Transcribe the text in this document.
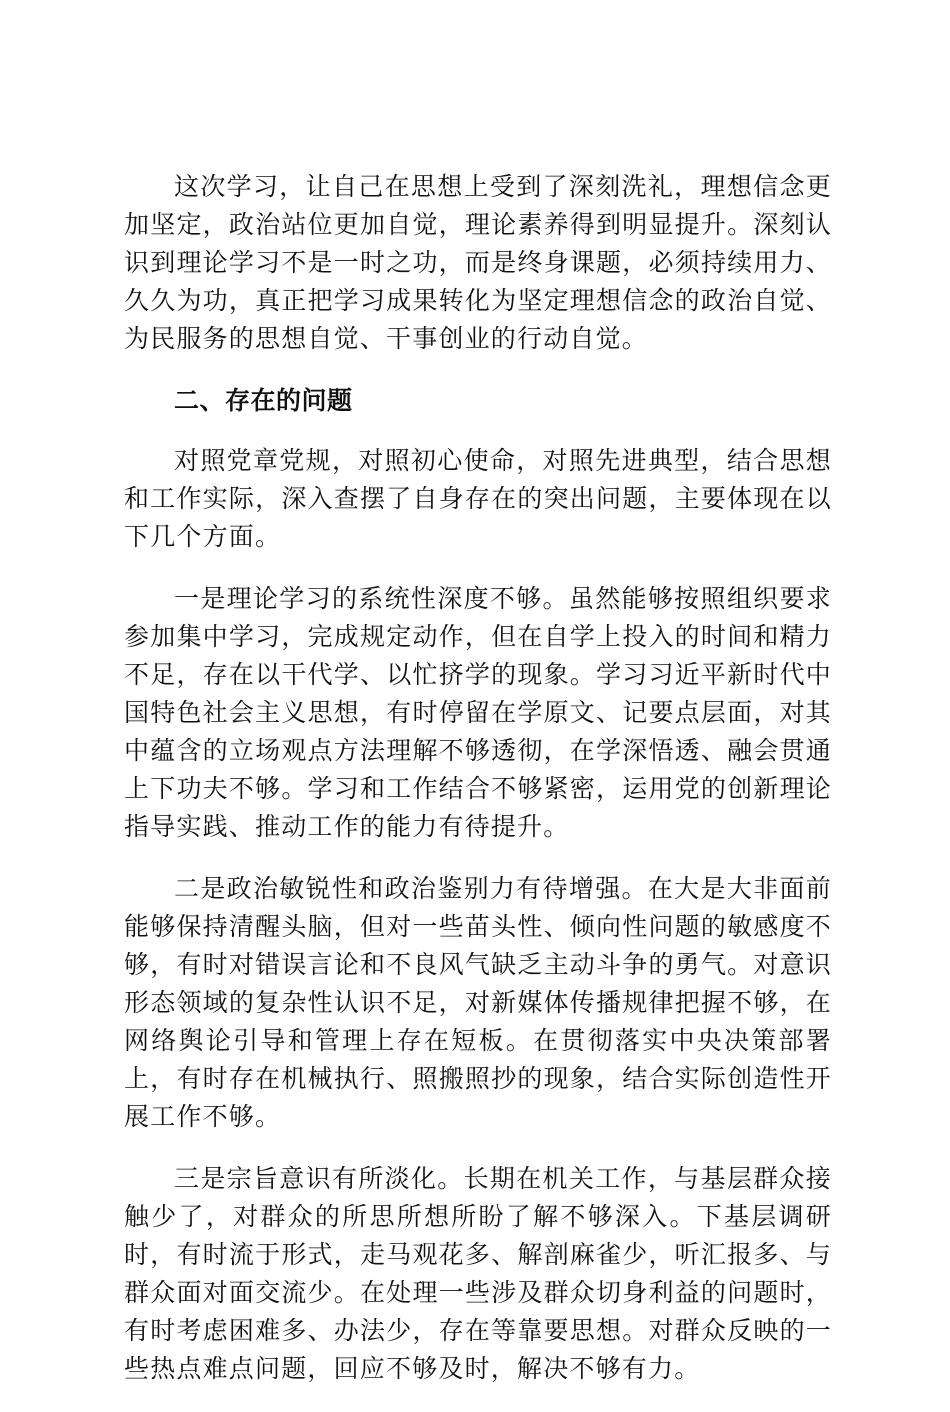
这次学习，让自己在思想上受到了深刻洗礼，理想信念更加坚定，政治站位更加自觉，理论素养得到明显提升。深刻认识到理论学习不是一时之功，而是终身课题，必须持续用力、久久为功，真正把学习成果转化为坚定理想信念的政治自觉、为民服务的思想自觉、干事创业的行动自觉。

二、存在的问题

对照党章党规，对照初心使命，对照先进典型，结合思想和工作实际，深入查摆了自身存在的突出问题，主要体现在以下几个方面。

一是理论学习的系统性深度不够。虽然能够按照组织要求参加集中学习，完成规定动作，但在自学上投入的时间和精力不足，存在以干代学、以忙挤学的现象。学习习近平新时代中国特色社会主义思想，有时停留在学原文、记要点层面，对其中蕴含的立场观点方法理解不够透彻，在学深悟透、融会贯通上下功夫不够。学习和工作结合不够紧密，运用党的创新理论指导实践、推动工作的能力有待提升。

二是政治敏锐性和政治鉴别力有待增强。在大是大非面前能够保持清醒头脑，但对一些苗头性、倾向性问题的敏感度不够，有时对错误言论和不良风气缺乏主动斗争的勇气。对意识形态领域的复杂性认识不足，对新媒体传播规律把握不够，在网络舆论引导和管理上存在短板。在贯彻落实中央决策部署上，有时存在机械执行、照搬照抄的现象，结合实际创造性开展工作不够。

三是宗旨意识有所淡化。长期在机关工作，与基层群众接触少了，对群众的所思所想所盼了解不够深入。下基层调研时，有时流于形式，走马观花多、解剖麻雀少，听汇报多、与群众面对面交流少。在处理一些涉及群众切身利益的问题时，有时考虑困难多、办法少，存在等靠要思想。对群众反映的一些热点难点问题，回应不够及时，解决不够有力。
